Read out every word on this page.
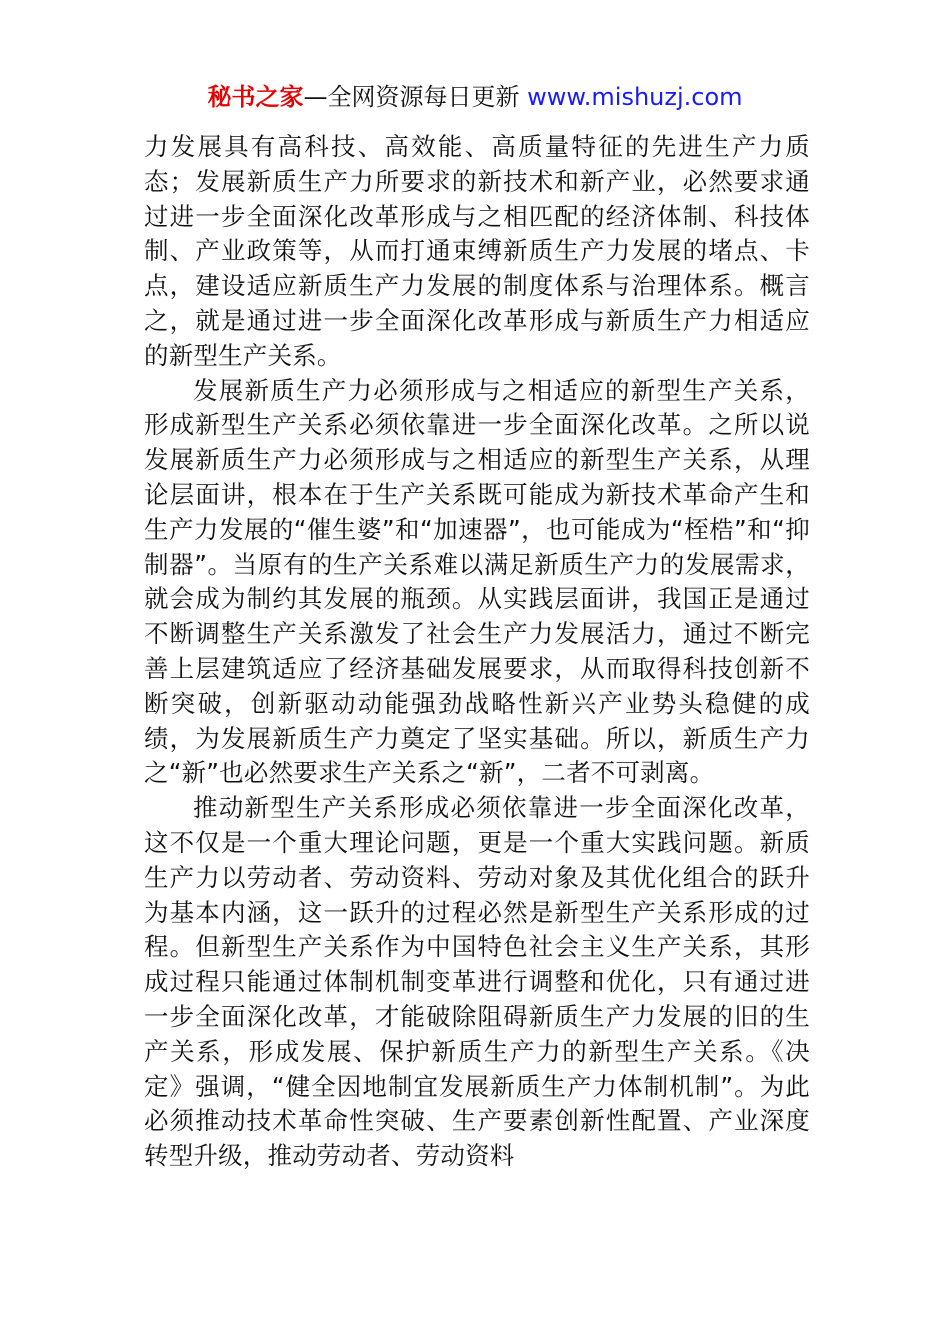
秘书之家—全网资源每日更新 www.mishuzj.com

力发展具有高科技、高效能、高质量特征的先进生产力质态；发展新质生产力所要求的新技术和新产业，必然要求通过进一步全面深化改革形成与之相匹配的经济体制、科技体制、产业政策等，从而打通束缚新质生产力发展的堵点、卡点，建设适应新质生产力发展的制度体系与治理体系。概言之，就是通过进一步全面深化改革形成与新质生产力相适应的新型生产关系。

发展新质生产力必须形成与之相适应的新型生产关系，形成新型生产关系必须依靠进一步全面深化改革。之所以说发展新质生产力必须形成与之相适应的新型生产关系，从理论层面讲，根本在于生产关系既可能成为新技术革命产生和生产力发展的“催生婆”和“加速器”，也可能成为“桎梏”和“抑制器”。当原有的生产关系难以满足新质生产力的发展需求，就会成为制约其发展的瓶颈。从实践层面讲，我国正是通过不断调整生产关系激发了社会生产力发展活力，通过不断完善上层建筑适应了经济基础发展要求，从而取得科技创新不断突破，创新驱动动能强劲战略性新兴产业势头稳健的成绩，为发展新质生产力奠定了坚实基础。所以，新质生产力之“新”也必然要求生产关系之“新”，二者不可剥离。

推动新型生产关系形成必须依靠进一步全面深化改革，这不仅是一个重大理论问题，更是一个重大实践问题。新质生产力以劳动者、劳动资料、劳动对象及其优化组合的跃升为基本内涵，这一跃升的过程必然是新型生产关系形成的过程。但新型生产关系作为中国特色社会主义生产关系，其形成过程只能通过体制机制变革进行调整和优化，只有通过进一步全面深化改革，才能破除阻碍新质生产力发展的旧的生产关系，形成发展、保护新质生产力的新型生产关系。《决定》强调，“健全因地制宜发展新质生产力体制机制”。为此必须推动技术革命性突破、生产要素创新性配置、产业深度转型升级，推动劳动者、劳动资料
